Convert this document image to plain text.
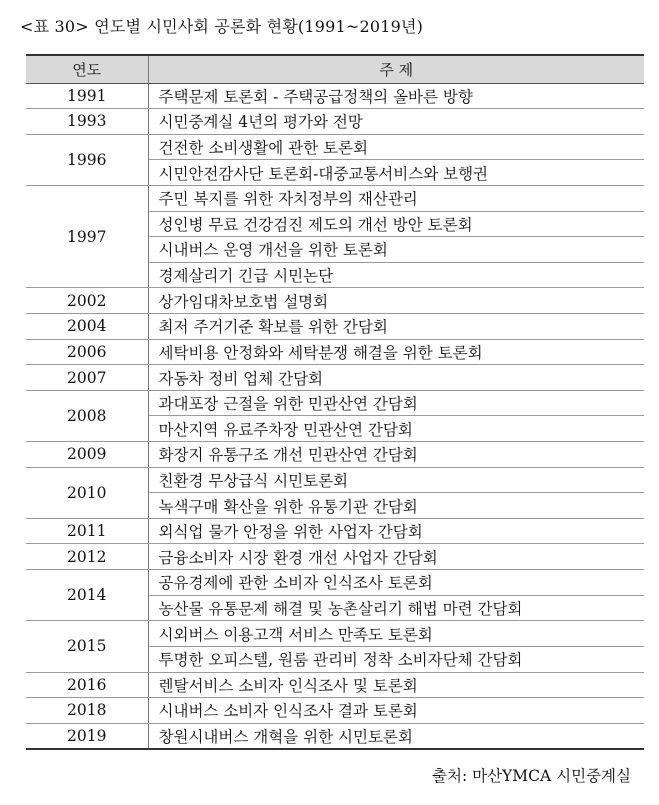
<표 30> 연도별 시민사회 공론화 현황(1991~2019년)
연도	주 제
1991	주택문제 토론회 - 주택공급정책의 올바른 방향
1993	시민중계실 4년의 평가와 전망
1996	건전한 소비생활에 관한 토론회
	시민안전감사단 토론회-대중교통서비스와 보행권
1997	주민 복지를 위한 자치정부의 재산관리
	성인병 무료 건강검진 제도의 개선 방안 토론회
	시내버스 운영 개선을 위한 토론회
	경제살리기 긴급 시민논단
2002	상가임대차보호법 설명회
2004	최저 주거기준 확보를 위한 간담회
2006	세탁비용 안정화와 세탁분쟁 해결을 위한 토론회
2007	자동차 정비 업체 간담회
2008	과대포장 근절을 위한 민관산연 간담회
	마산지역 유료주차장 민관산연 간담회
2009	화장지 유통구조 개선 민관산연 간담회
2010	친환경 무상급식 시민토론회
	녹색구매 확산을 위한 유통기관 간담회
2011	외식업 물가 안정을 위한 사업자 간담회
2012	금융소비자 시장 환경 개선 사업자 간담회
2014	공유경제에 관한 소비자 인식조사 토론회
	농산물 유통문제 해결 및 농촌살리기 해법 마련 간담회
2015	시외버스 이용고객 서비스 만족도 토론회
	투명한 오피스텔, 원룸 관리비 정착 소비자단체 간담회
2016	렌탈서비스 소비자 인식조사 및 토론회
2018	시내버스 소비자 인식조사 결과 토론회
2019	창원시내버스 개혁을 위한 시민토론회
출처: 마산YMCA 시민중계실
